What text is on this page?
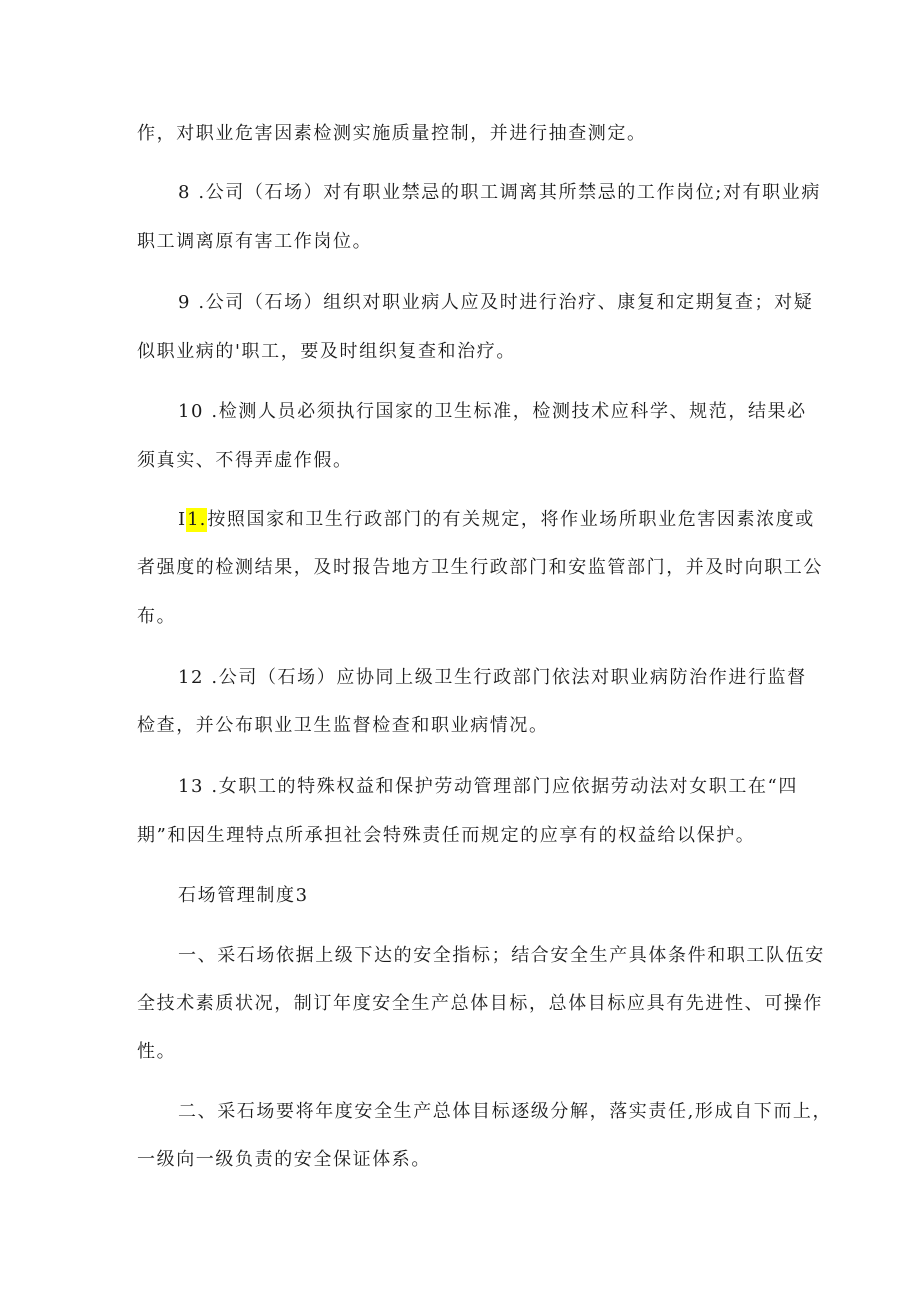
作，对职业危害因素检测实施质量控制，并进行抽查测定。
8 .公司（石场）对有职业禁忌的职工调离其所禁忌的工作岗位;对有职业病
职工调离原有害工作岗位。
9 .公司（石场）组织对职业病人应及时进行治疗、康复和定期复查；对疑
似职业病的'职工，要及时组织复查和治疗。
10 .检测人员必须执行国家的卫生标准，检测技术应科学、规范，结果必
须真实、不得弄虚作假。
I1.按照国家和卫生行政部门的有关规定，将作业场所职业危害因素浓度或
者强度的检测结果，及时报告地方卫生行政部门和安监管部门，并及时向职工公
布。
12 .公司（石场）应协同上级卫生行政部门依法对职业病防治作进行监督
检查，并公布职业卫生监督检查和职业病情况。
13 .女职工的特殊权益和保护劳动管理部门应依据劳动法对女职工在“四
期”和因生理特点所承担社会特殊责任而规定的应享有的权益给以保护。
石场管理制度3
一、采石场依据上级下达的安全指标；结合安全生产具体条件和职工队伍安
全技术素质状况，制订年度安全生产总体目标，总体目标应具有先进性、可操作
性。
二、采石场要将年度安全生产总体目标逐级分解，落实责任,形成自下而上，
一级向一级负责的安全保证体系。
